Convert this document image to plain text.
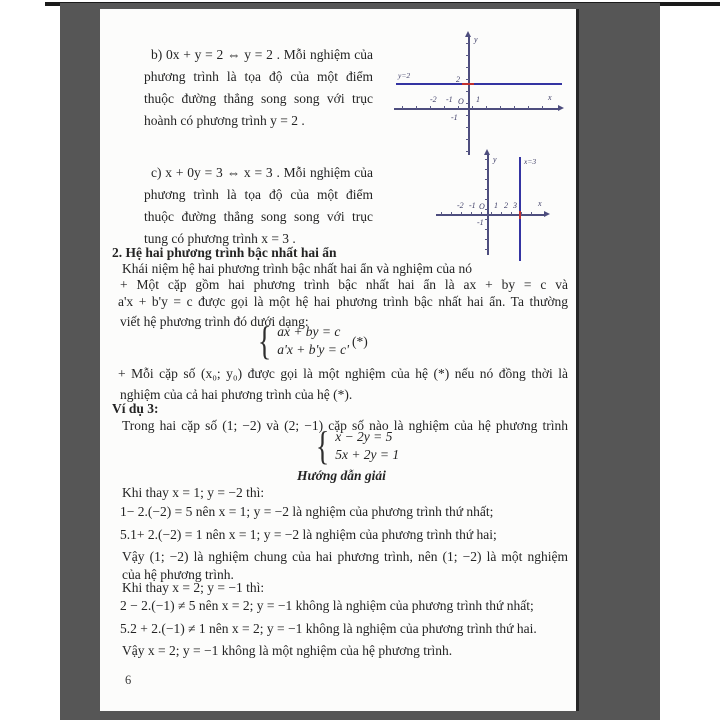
b) 0x + y = 2 ⇔ y = 2 . Mỗi nghiệm của phương trình là tọa độ của một điểm thuộc đường thẳng song song với trục hoành có phương trình y = 2 .
y
y=2	2
-2 -1 O 1	x
-1
c) x + 0y = 3 ⇔ x = 3 . Mỗi nghiệm của phương trình là tọa độ của một điểm thuộc đường thẳng song song với trục tung có phương trình x = 3 .
y	x=3
-2 -1 O 1 2 3	x
-1
2. Hệ hai phương trình bậc nhất hai ẩn
Khái niệm hệ hai phương trình bậc nhất hai ẩn và nghiệm của nó
+ Một cặp gồm hai phương trình bậc nhất hai ẩn là ax + by = c và
a'x + b'y = c được gọi là một hệ hai phương trình bậc nhất hai ẩn. Ta thường
viết hệ phương trình đó dưới dạng:
{ ax + by = c
a'x + b'y = c'
(*)
+ Mỗi cặp số (x₀; y₀) được gọi là một nghiệm của hệ (*) nếu nó đồng thời là
nghiệm của cả hai phương trình của hệ (*).
Ví dụ 3:
Trong hai cặp số (1; −2) và (2; −1) cặp số nào là nghiệm của hệ phương trình
{ x − 2y = 5
5x + 2y = 1
Hướng dẫn giải
Khi thay x = 1; y = −2 thì:
1− 2.(−2) = 5 nên x = 1; y = −2 là nghiệm của phương trình thứ nhất;
5.1+ 2.(−2) = 1 nên x = 1; y = −2 là nghiệm của phương trình thứ hai;
Vậy (1; −2) là nghiệm chung của hai phương trình, nên (1; −2) là một nghiệm
của hệ phương trình.
Khi thay x = 2; y = −1 thì:
2 − 2.(−1) ≠ 5 nên x = 2; y = −1 không là nghiệm của phương trình thứ nhất;
5.2 + 2.(−1) ≠ 1 nên x = 2; y = −1 không là nghiệm của phương trình thứ hai.
Vậy x = 2; y = −1 không là một nghiệm của hệ phương trình.
6
